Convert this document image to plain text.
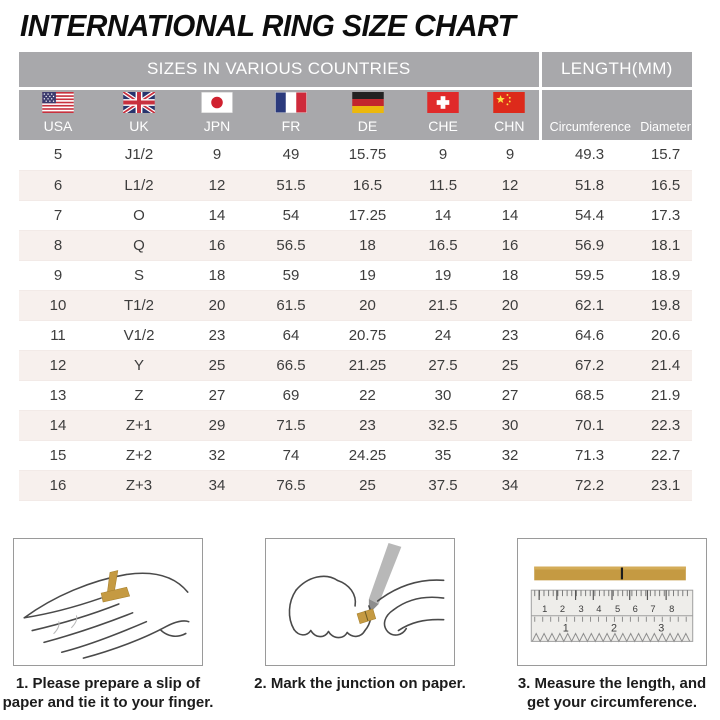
INTERNATIONAL RING SIZE CHART
SIZES IN VARIOUS COUNTRIES							LENGTH(MM)	

USA	UK	JPN	FR	DE	CHE	CHN	Circumference	Diameter
5	J1/2	9	49	15.75	9	9	49.3	15.7
6	L1/2	12	51.5	16.5	11.5	12	51.8	16.5
7	O	14	54	17.25	14	14	54.4	17.3
8	Q	16	56.5	18	16.5	16	56.9	18.1
9	S	18	59	19	19	18	59.5	18.9
10	T1/2	20	61.5	20	21.5	20	62.1	19.8
11	V1/2	23	64	20.75	24	23	64.6	20.6
12	Y	25	66.5	21.25	27.5	25	67.2	21.4
13	Z	27	69	22	30	27	68.5	21.9
14	Z+1	29	71.5	23	32.5	30	70.1	22.3
15	Z+2	32	74	24.25	35	32	71.3	22.7
16	Z+3	34	76.5	25	37.5	34	72.2	23.1
1. Please prepare a slip of paper and tie it to your finger.
2. Mark the junction on paper.
1 2 3 4 5 6 7 8
1	2	3
3. Measure the length, and get your circumference.
